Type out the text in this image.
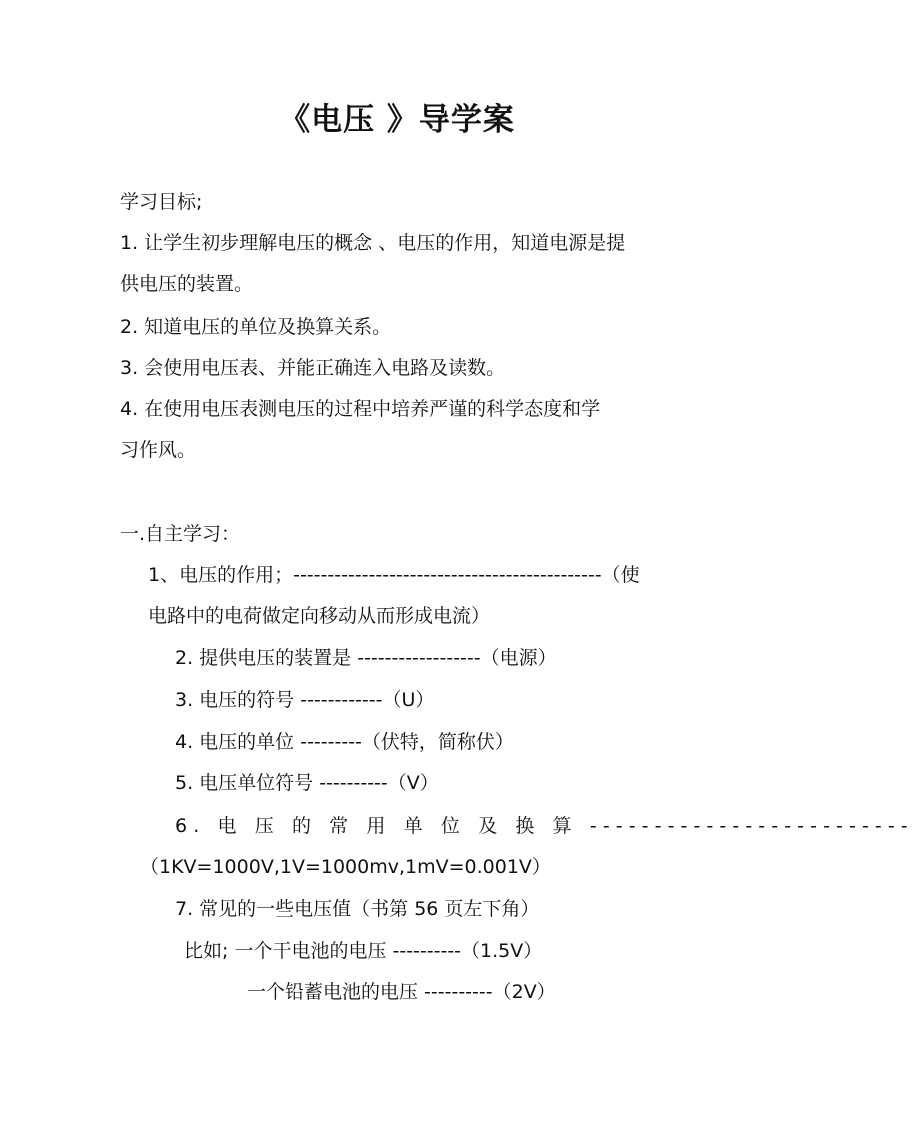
《电压 》导学案
学习目标;
1. 让学生初步理解电压的概念 、电压的作用，知道电源是提
供电压的装置。
2. 知道电压的单位及换算关系。
3. 会使用电压表、并能正确连入电路及读数。
4. 在使用电压表测电压的过程中培养严谨的科学态度和学
习作风。
一.自主学习：
1、电压的作用；---------------------------------------------（使
电路中的电荷做定向移动从而形成电流）
2. 提供电压的装置是 ------------------（电源）
3. 电压的符号 ------------（U）
4. 电压的单位 ---------（伏特，简称伏）
5. 电压单位符号 ----------（V）
6. 电 压 的 常 用 单 位 及 换 算 -------------------------
（1KV=1000V,1V=1000mv,1mV=0.001V）
7. 常见的一些电压值（书第 56 页左下角）
比如; 一个干电池的电压 ----------（1.5V）
一个铅蓄电池的电压 ----------（2V）
